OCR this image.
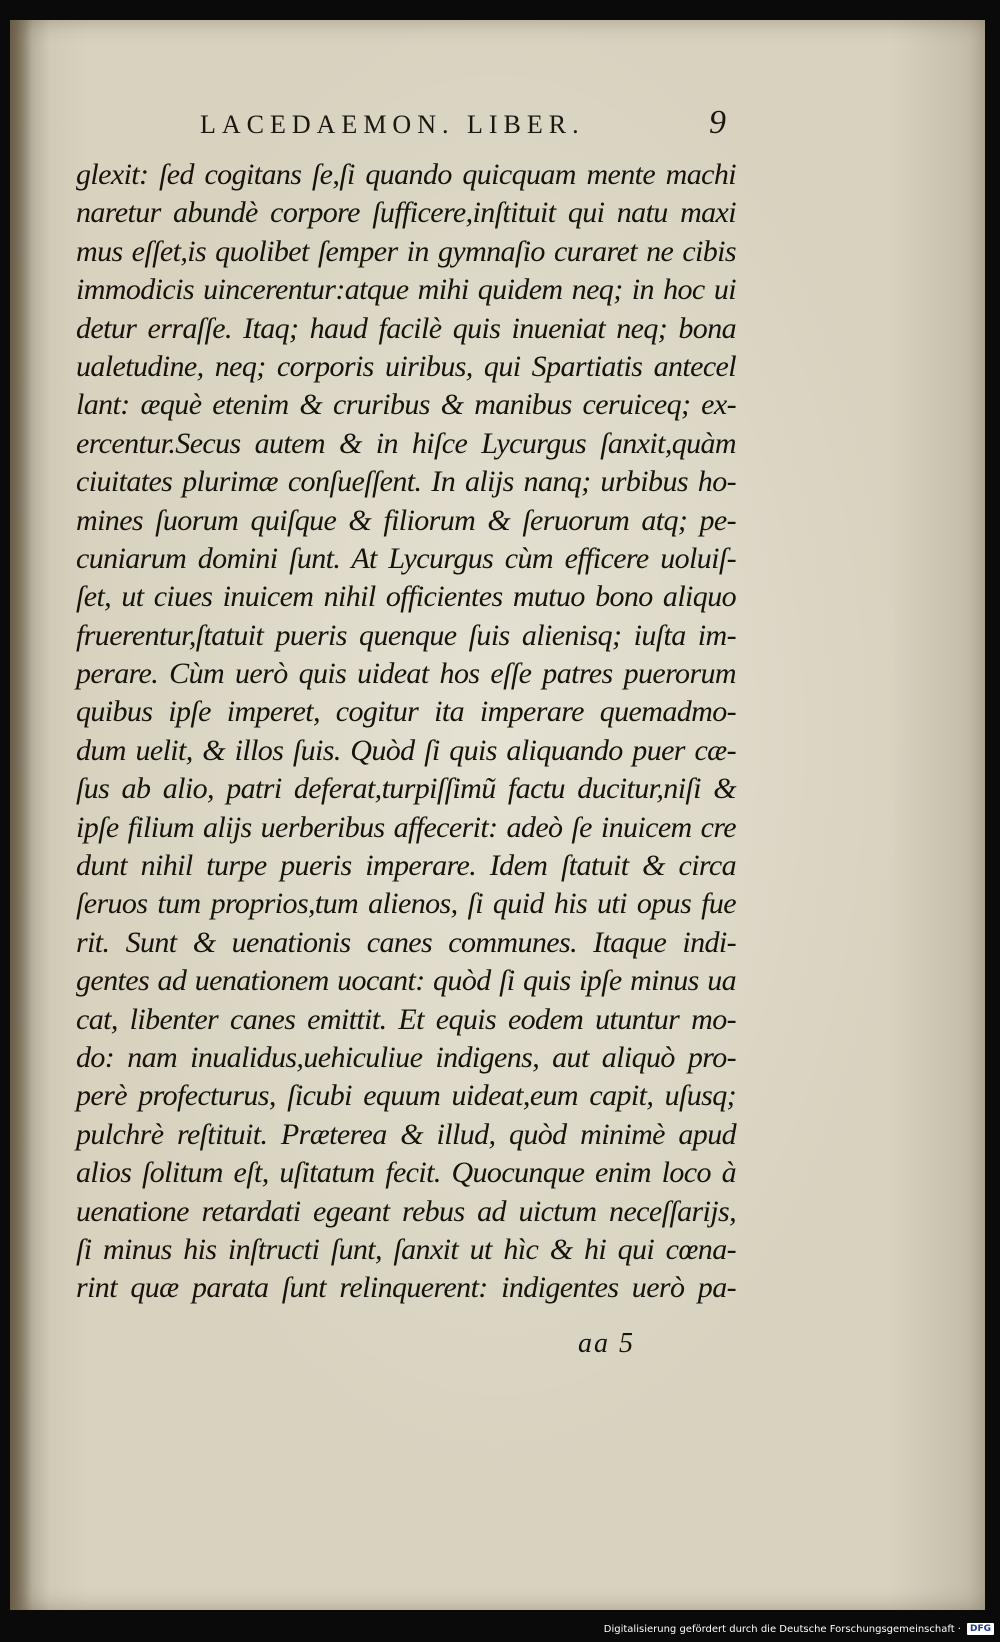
LACEDAEMON. LIBER.	9
glexit: ſed cogitans ſe,ſi quando quicquam mente machi
naretur abundè corpore ſufficere,inſtituit qui natu maxi
mus eſſet,is quolibet ſemper in gymnaſio curaret ne cibis
immodicis uincerentur:atque mihi quidem neq; in hoc ui
detur erraſſe. Itaq; haud facilè quis inueniat neq; bona
ualetudine, neq; corporis uiribus, qui Spartiatis antecel
lant: æquè etenim & cruribus & manibus ceruiceq; ex-
ercentur.Secus autem & in hiſce Lycurgus ſanxit,quàm
ciuitates plurimæ conſueſſent. In alijs nanq; urbibus ho-
mines ſuorum quiſque & filiorum & ſeruorum atq; pe-
cuniarum domini ſunt. At Lycurgus cùm efficere uoluiſ-
ſet, ut ciues inuicem nihil officientes mutuo bono aliquo
fruerentur,ſtatuit pueris quenque ſuis alienisq; iuſta im-
perare. Cùm uerò quis uideat hos eſſe patres puerorum
quibus ipſe imperet, cogitur ita imperare quemadmo-
dum uelit, & illos ſuis. Quòd ſi quis aliquando puer cæ-
ſus ab alio, patri deferat,turpiſſimũ factu ducitur,niſi &
ipſe filium alijs uerberibus affecerit: adeò ſe inuicem cre
dunt nihil turpe pueris imperare. Idem ſtatuit & circa
ſeruos tum proprios,tum alienos, ſi quid his uti opus fue
rit. Sunt & uenationis canes communes. Itaque indi-
gentes ad uenationem uocant: quòd ſi quis ipſe minus ua
cat, libenter canes emittit. Et equis eodem utuntur mo-
do: nam inualidus,uehiculiue indigens, aut aliquò pro-
perè profecturus, ſicubi equum uideat,eum capit, uſusq;
pulchrè reſtituit. Præterea & illud, quòd minimè apud
alios ſolitum eſt, uſitatum fecit. Quocunque enim loco à
uenatione retardati egeant rebus ad uictum neceſſarijs,
ſi minus his inſtructi ſunt, ſanxit ut hìc & hi qui cœna-
rint quæ parata ſunt relinquerent: indigentes uerò pa-
aa 5
Digitalisierung gefördert durch die Deutsche Forschungsgemeinschaft ·	DFG
